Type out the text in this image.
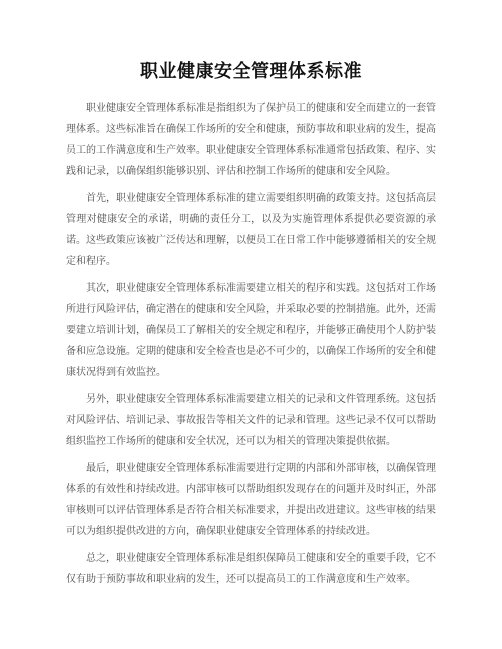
职业健康安全管理体系标准

职业健康安全管理体系标准是指组织为了保护员工的健康和安全而建立的一套管理体系。这些标准旨在确保工作场所的安全和健康，预防事故和职业病的发生，提高员工的工作满意度和生产效率。职业健康安全管理体系标准通常包括政策、程序、实践和记录，以确保组织能够识别、评估和控制工作场所的健康和安全风险。

首先，职业健康安全管理体系标准的建立需要组织明确的政策支持。这包括高层管理对健康安全的承诺，明确的责任分工，以及为实施管理体系提供必要资源的承诺。这些政策应该被广泛传达和理解，以便员工在日常工作中能够遵循相关的安全规定和程序。

其次，职业健康安全管理体系标准需要建立相关的程序和实践。这包括对工作场所进行风险评估，确定潜在的健康和安全风险，并采取必要的控制措施。此外，还需要建立培训计划，确保员工了解相关的安全规定和程序，并能够正确使用个人防护装备和应急设施。定期的健康和安全检查也是必不可少的，以确保工作场所的安全和健康状况得到有效监控。

另外，职业健康安全管理体系标准需要建立相关的记录和文件管理系统。这包括对风险评估、培训记录、事故报告等相关文件的记录和管理。这些记录不仅可以帮助组织监控工作场所的健康和安全状况，还可以为相关的管理决策提供依据。

最后，职业健康安全管理体系标准需要进行定期的内部和外部审核，以确保管理体系的有效性和持续改进。内部审核可以帮助组织发现存在的问题并及时纠正，外部审核则可以评估管理体系是否符合相关标准要求，并提出改进建议。这些审核的结果可以为组织提供改进的方向，确保职业健康安全管理体系的持续改进。

总之，职业健康安全管理体系标准是组织保障员工健康和安全的重要手段，它不仅有助于预防事故和职业病的发生，还可以提高员工的工作满意度和生产效率。
